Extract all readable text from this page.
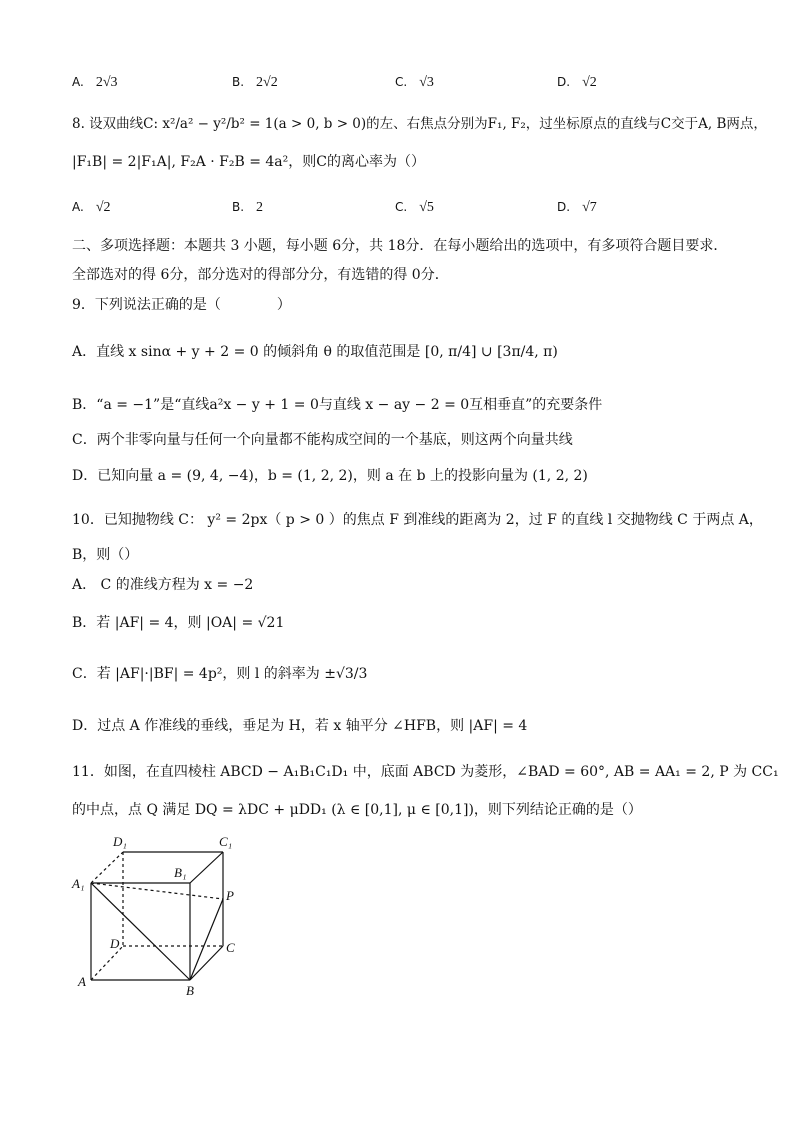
A. 2√3	B. 2√2	C. √3	D. √2
8. 设双曲线C: x²/a² − y²/b² = 1(a > 0, b > 0)的左、右焦点分别为F₁, F₂，过坐标原点的直线与C交于A, B两点，
|F₁B| = 2|F₁A|, F₂A · F₂B = 4a²，则C的离心率为（）
A. √2	B. 2	C. √5	D. √7
二、多项选择题：本题共 3 小题，每小题 6分，共 18分．在每小题给出的选项中，有多项符合题目要求．
全部选对的得 6分，部分选对的得部分分，有选错的得 0分．
9．下列说法正确的是（　　　　）
A．直线 x sinα + y + 2 = 0 的倾斜角 θ 的取值范围是 [0, π/4] ∪ [3π/4, π)
B．“a = −1”是“直线a²x − y + 1 = 0与直线 x − ay − 2 = 0互相垂直”的充要条件
C．两个非零向量与任何一个向量都不能构成空间的一个基底，则这两个向量共线
D．已知向量 a = (9, 4, −4)，b = (1, 2, 2)，则 a 在 b 上的投影向量为 (1, 2, 2)
10．已知抛物线 C： y² = 2px（ p > 0 ）的焦点 F 到准线的距离为 2，过 F 的直线 l 交抛物线 C 于两点 A，
B，则（）
A． C 的准线方程为 x = −2
B．若 |AF| = 4，则 |OA| = √21
C．若 |AF|·|BF| = 4p²，则 l 的斜率为 ±√3/3
D．过点 A 作准线的垂线，垂足为 H，若 x 轴平分 ∠HFB，则 |AF| = 4
11．如图，在直四棱柱 ABCD − A₁B₁C₁D₁ 中，底面 ABCD 为菱形，∠BAD = 60°, AB = AA₁ = 2, P 为 CC₁
的中点，点 Q 满足 DQ = λDC + μDD₁ (λ ∈ [0,1], μ ∈ [0,1])，则下列结论正确的是（）
D₁	C₁
B₁
A₁
P
D	C
A
B
